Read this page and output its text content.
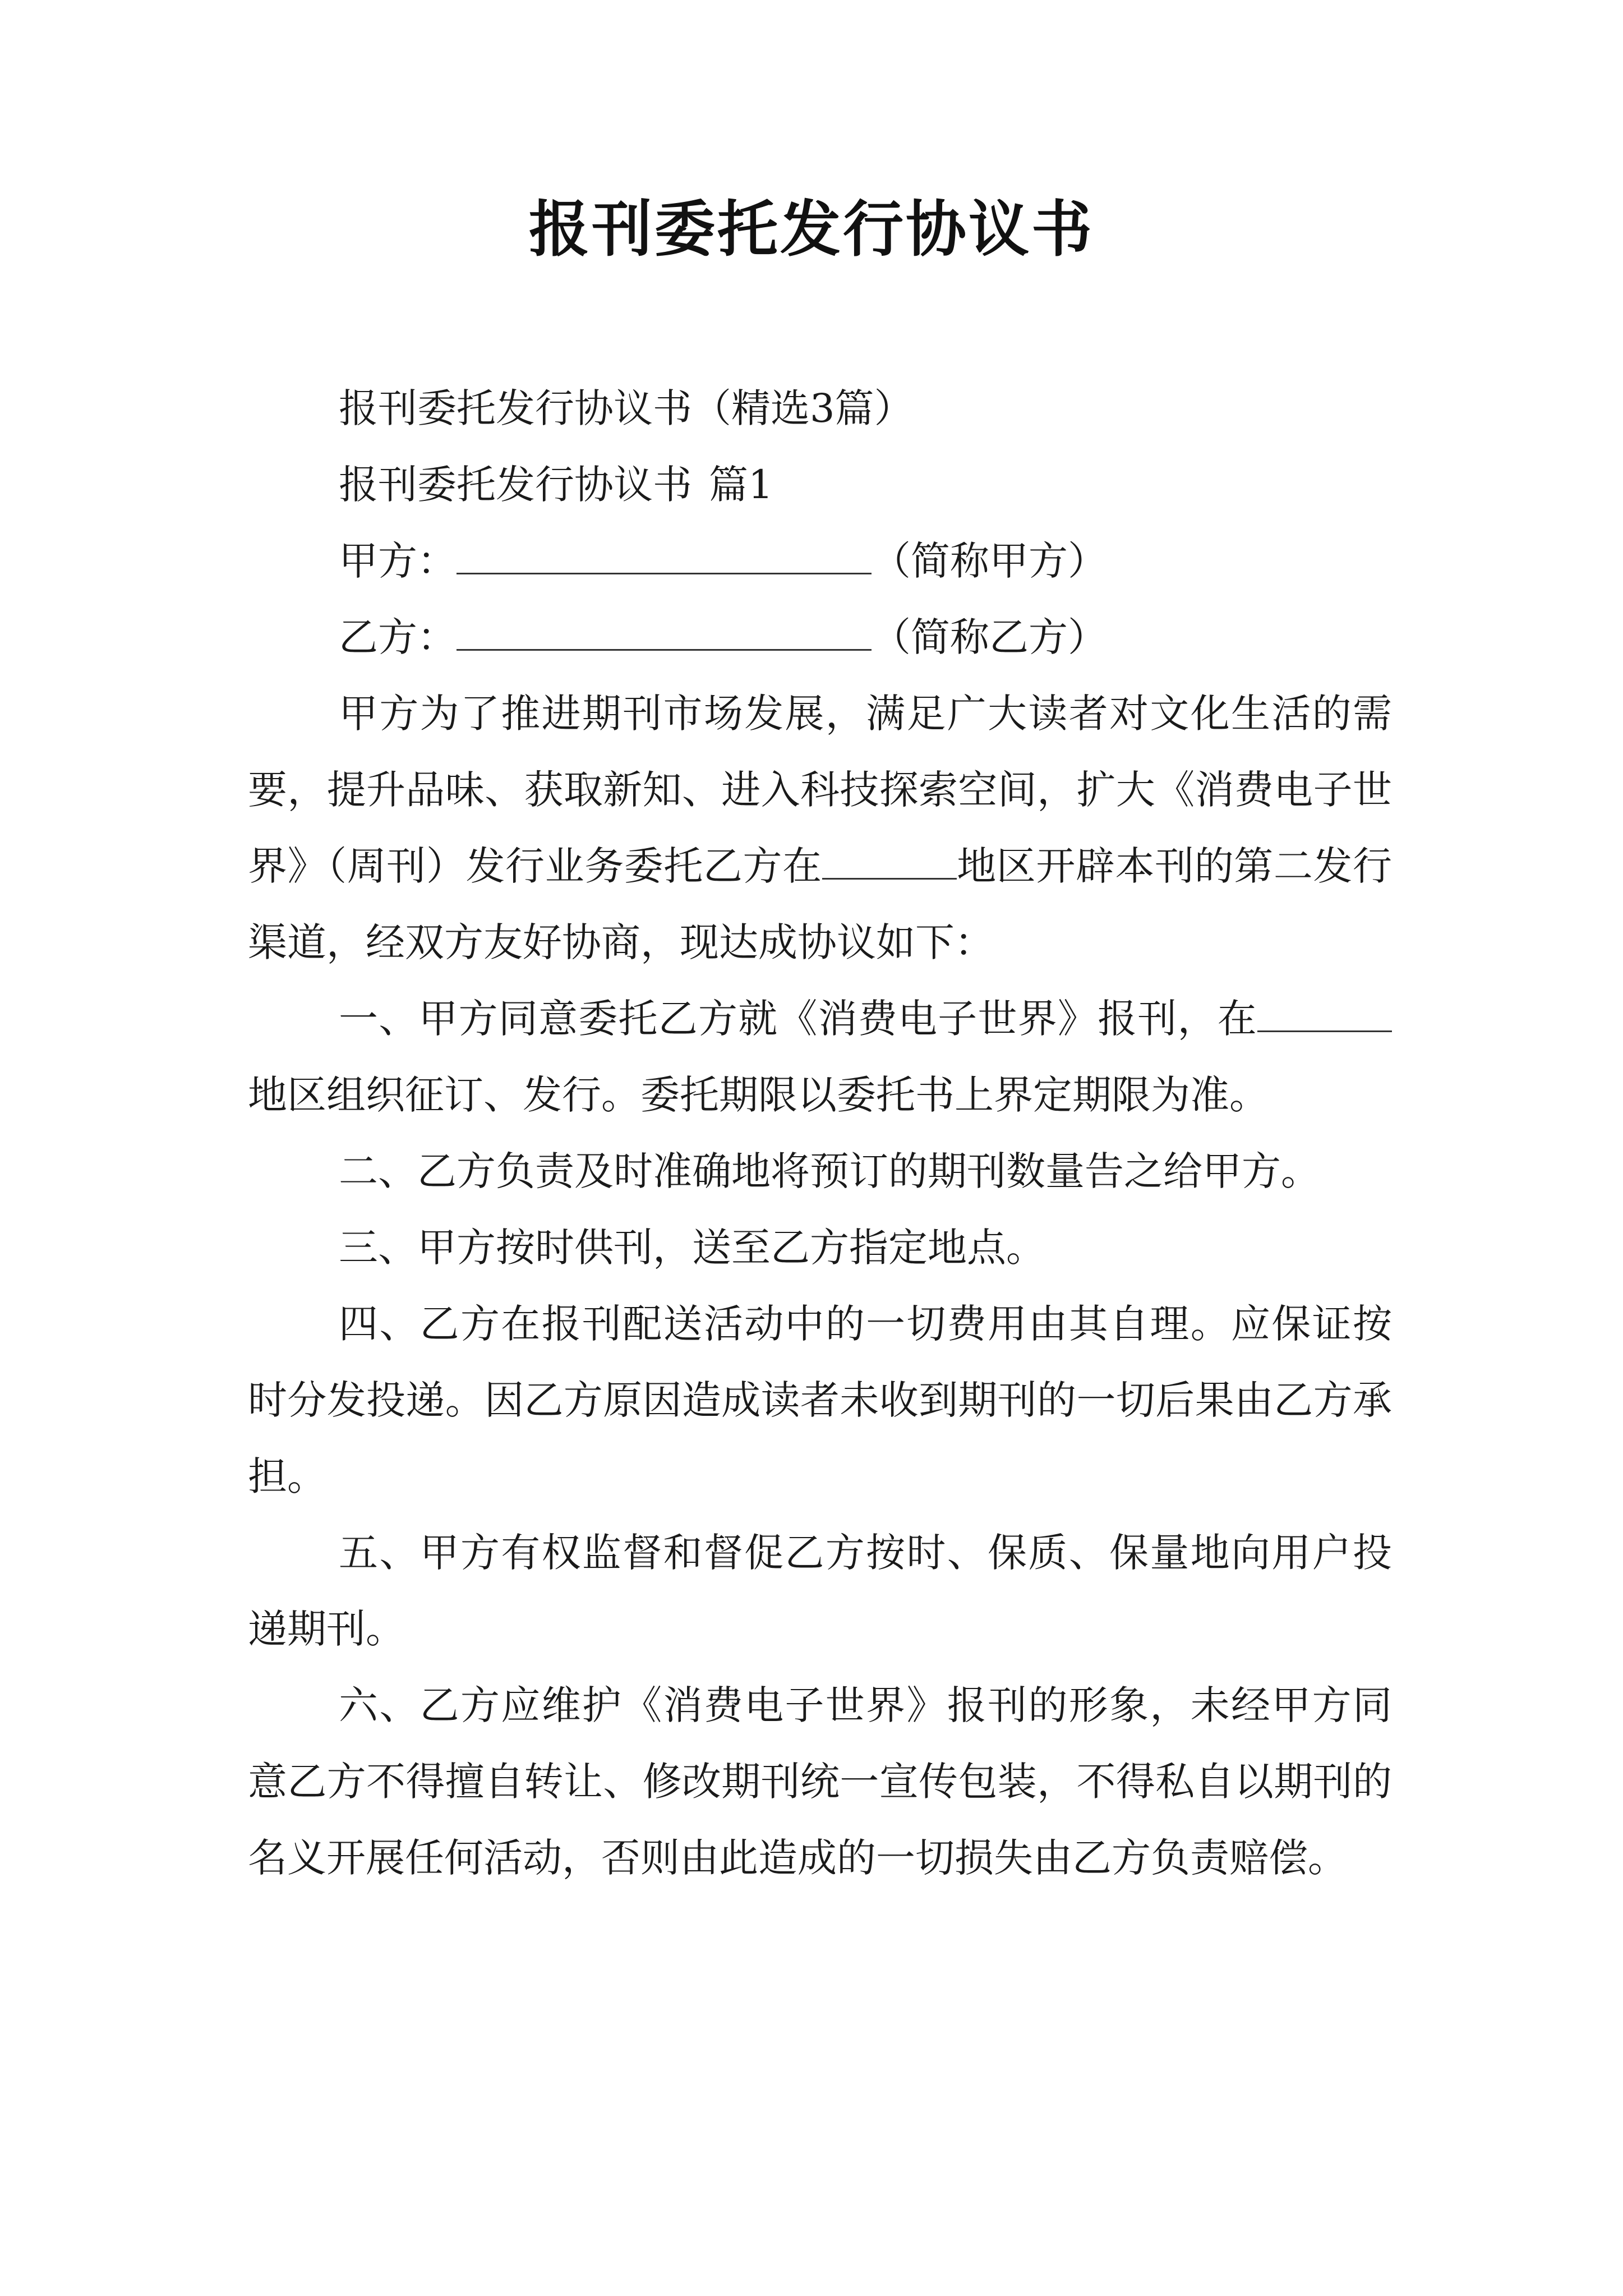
报刊委托发行协议书

报刊委托发行协议书（精选3篇）

报刊委托发行协议书 篇1

甲方：	（简称甲方）

乙方：	（简称乙方）

甲方为了推进期刊市场发展，满足广大读者对文化生活的需要，提升品味、获取新知、进入科技探索空间，扩大《消费电子世界》（周刊）发行业务委托乙方在	地区开辟本刊的第二发行渠道，经双方友好协商，现达成协议如下：

一、甲方同意委托乙方就《消费电子世界》报刊，在地区组织征订、发行。委托期限以委托书上界定期限为准。

二、乙方负责及时准确地将预订的期刊数量告之给甲方。

三、甲方按时供刊，送至乙方指定地点。

四、乙方在报刊配送活动中的一切费用由其自理。应保证按时分发投递。因乙方原因造成读者未收到期刊的一切后果由乙方承担。

五、甲方有权监督和督促乙方按时、保质、保量地向用户投递期刊。

六、乙方应维护《消费电子世界》报刊的形象，未经甲方同意乙方不得擅自转让、修改期刊统一宣传包装，不得私自以期刊的名义开展任何活动，否则由此造成的一切损失由乙方负责赔偿。
